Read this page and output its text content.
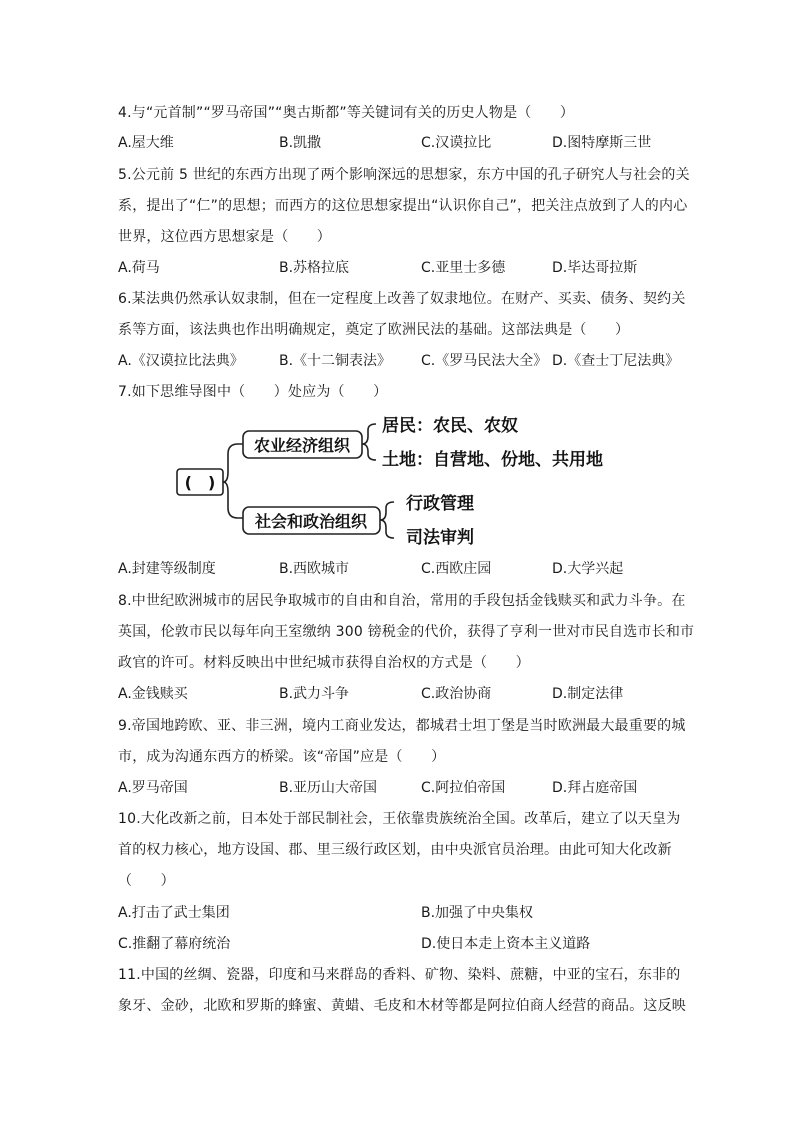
4.与“元首制”“罗马帝国”“奥古斯都”等关键词有关的历史人物是（　　）
A.屋大维	B.凯撒	C.汉谟拉比	D.图特摩斯三世
5.公元前 5 世纪的东西方出现了两个影响深远的思想家，东方中国的孔子研究人与社会的关
系，提出了“仁”的思想；而西方的这位思想家提出“认识你自己”，把关注点放到了人的内心
世界，这位西方思想家是（　　）
A.荷马	B.苏格拉底	C.亚里士多德	D.毕达哥拉斯
6.某法典仍然承认奴隶制，但在一定程度上改善了奴隶地位。在财产、买卖、债务、契约关
系等方面，该法典也作出明确规定，奠定了欧洲民法的基础。这部法典是（　　）
A.《汉谟拉比法典》	B.《十二铜表法》 C.《罗马民法大全》 D.《查士丁尼法典》
7.如下思维导图中（　　）处应为（　　）
(　)
农业经济组织
居民：农民、农奴
土地：自营地、份地、共用地
社会和政治组织
行政管理
司法审判
A.封建等级制度	B.西欧城市	C.西欧庄园	D.大学兴起
8.中世纪欧洲城市的居民争取城市的自由和自治，常用的手段包括金钱赎买和武力斗争。在
英国，伦敦市民以每年向王室缴纳 300 镑税金的代价，获得了亨利一世对市民自选市长和市
政官的许可。材料反映出中世纪城市获得自治权的方式是（　　）
A.金钱赎买	B.武力斗争	C.政治协商	D.制定法律
9.帝国地跨欧、亚、非三洲，境内工商业发达，都城君士坦丁堡是当时欧洲最大最重要的城
市，成为沟通东西方的桥梁。该“帝国”应是（　　）
A.罗马帝国	B.亚历山大帝国	C.阿拉伯帝国	D.拜占庭帝国
10.大化改新之前，日本处于部民制社会，王依靠贵族统治全国。改革后，建立了以天皇为
首的权力核心，地方设国、郡、里三级行政区划，由中央派官员治理。由此可知大化改新
（　　）
A.打击了武士集团	B.加强了中央集权
C.推翻了幕府统治	D.使日本走上资本主义道路
11.中国的丝绸、瓷器，印度和马来群岛的香料、矿物、染料、蔗糖，中亚的宝石，东非的
象牙、金砂，北欧和罗斯的蜂蜜、黄蜡、毛皮和木材等都是阿拉伯商人经营的商品。这反映
